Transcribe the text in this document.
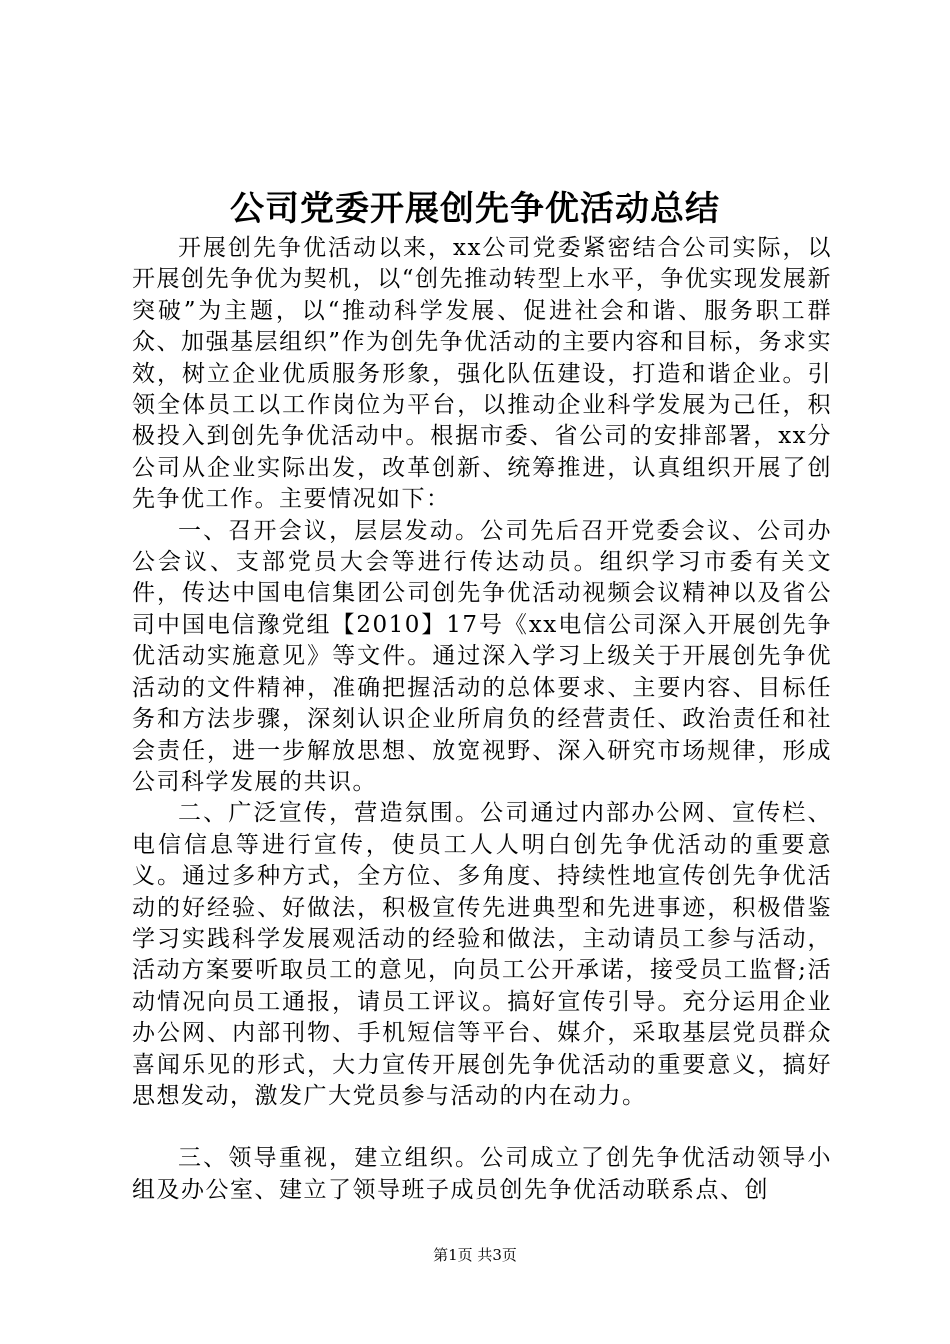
公司党委开展创先争优活动总结

开展创先争优活动以来，xx公司党委紧密结合公司实际，以开展创先争优为契机，以“创先推动转型上水平，争优实现发展新突破”为主题，以“推动科学发展、促进社会和谐、服务职工群众、加强基层组织”作为创先争优活动的主要内容和目标，务求实效，树立企业优质服务形象，强化队伍建设，打造和谐企业。引领全体员工以工作岗位为平台，以推动企业科学发展为己任，积极投入到创先争优活动中。根据市委、省公司的安排部署，xx分公司从企业实际出发，改革创新、统筹推进，认真组织开展了创先争优工作。主要情况如下：

一、召开会议，层层发动。公司先后召开党委会议、公司办公会议、支部党员大会等进行传达动员。组织学习市委有关文件，传达中国电信集团公司创先争优活动视频会议精神以及省公司中国电信豫党组【2010】17号《xx电信公司深入开展创先争优活动实施意见》等文件。通过深入学习上级关于开展创先争优活动的文件精神，准确把握活动的总体要求、主要内容、目标任务和方法步骤，深刻认识企业所肩负的经营责任、政治责任和社会责任，进一步解放思想、放宽视野、深入研究市场规律，形成公司科学发展的共识。

二、广泛宣传，营造氛围。公司通过内部办公网、宣传栏、电信信息等进行宣传，使员工人人明白创先争优活动的重要意义。通过多种方式，全方位、多角度、持续性地宣传创先争优活动的好经验、好做法，积极宣传先进典型和先进事迹，积极借鉴学习实践科学发展观活动的经验和做法，主动请员工参与活动，活动方案要听取员工的意见，向员工公开承诺，接受员工监督;活动情况向员工通报，请员工评议。搞好宣传引导。充分运用企业办公网、内部刊物、手机短信等平台、媒介，采取基层党员群众喜闻乐见的形式，大力宣传开展创先争优活动的重要意义，搞好思想发动，激发广大党员参与活动的内在动力。

三、领导重视，建立组织。公司成立了创先争优活动领导小组及办公室、建立了领导班子成员创先争优活动联系点、创

第1页 共3页
